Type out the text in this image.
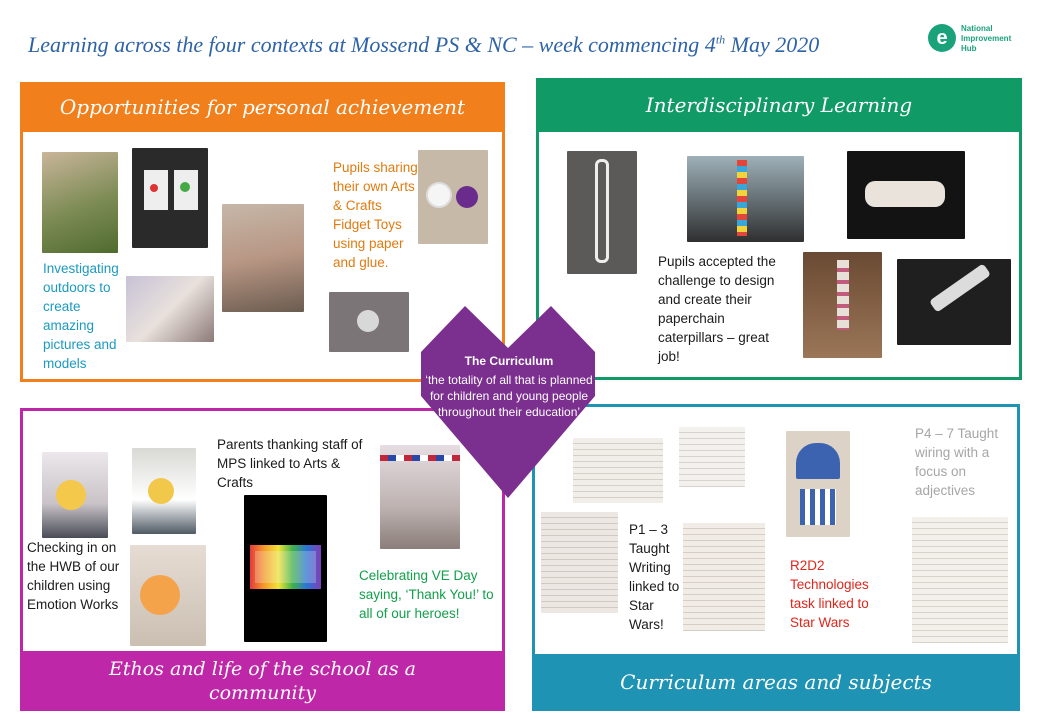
Learning across the four contexts at Mossend PS & NC – week commencing 4th May 2020	e	National
Improvement
Hub
Opportunities for personal achievement	Interdisciplinary Learning
Ethos and life of the school as a community	Curriculum areas and subjects
Investigating outdoors to create amazing pictures and models
Pupils sharing their own Arts & Crafts Fidget Toys using paper and glue.	Pupils accepted the challenge to design and create their paperchain caterpillars – great job!
Parents thanking staff of MPS linked to Arts & Crafts
Checking in on the HWB of our children using Emotion Works
Celebrating VE Day saying, ‘Thank You!’ to all of our heroes!
P1 – 3 Taught Writing linked to Star Wars!
R2D2 Technologies task linked to Star Wars
P4 – 7 Taught wiring with a focus on adjectives
The Curriculum
‘the totality of all that is planned for children and young people throughout their education’
